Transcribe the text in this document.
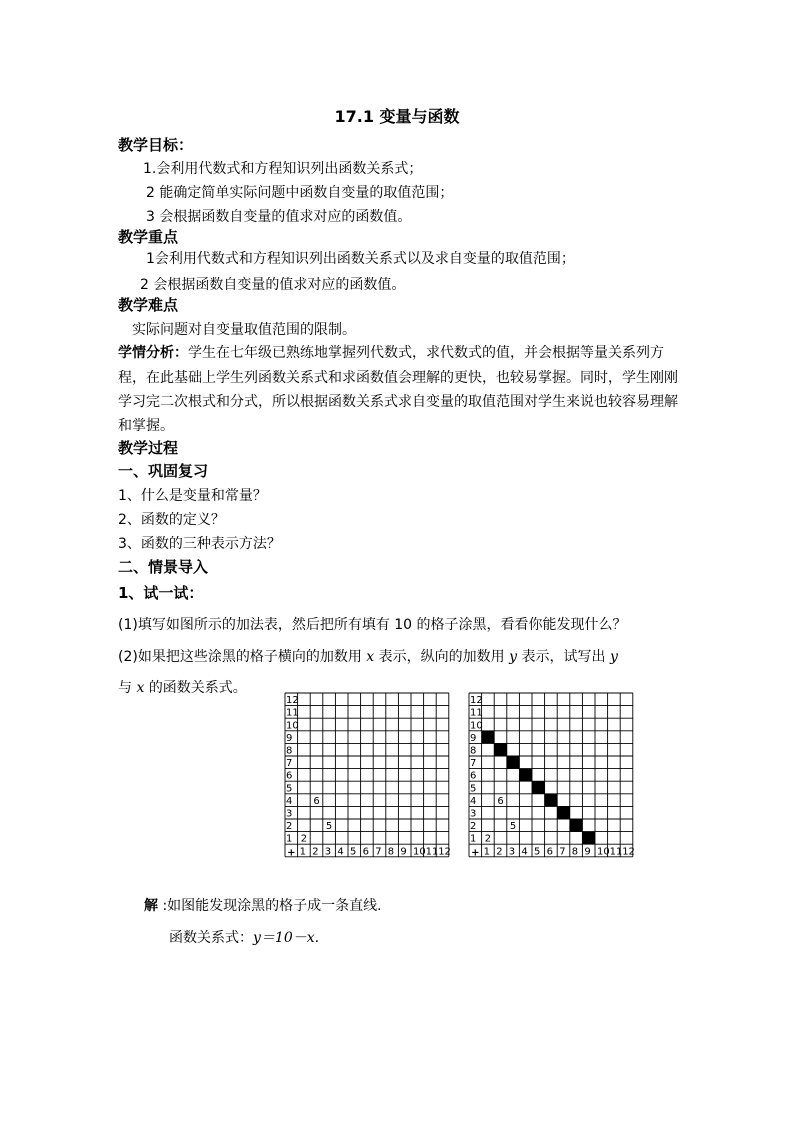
17.1 变量与函数
教学目标：
1.会利用代数式和方程知识列出函数关系式；
2 能确定简单实际问题中函数自变量的取值范围；
3 会根据函数自变量的值求对应的函数值。
教学重点
1会利用代数式和方程知识列出函数关系式以及求自变量的取值范围；
2 会根据函数自变量的值求对应的函数值。
教学难点
实际问题对自变量取值范围的限制。
学情分析：学生在七年级已熟练地掌握列代数式，求代数式的值，并会根据等量关系列方
程，在此基础上学生列函数关系式和求函数值会理解的更快，也较易掌握。同时，学生刚刚
学习完二次根式和分式，所以根据函数关系式求自变量的取值范围对学生来说也较容易理解
和掌握。
教学过程
一、巩固复习
1、什么是变量和常量？
2、函数的定义？
3、函数的三种表示方法？
二、情景导入
1、试一试：
(1)填写如图所示的加法表，然后把所有填有 10 的格子涂黑，看看你能发现什么？
(2)如果把这些涂黑的格子横向的加数用 x 表示，纵向的加数用 y 表示，试写出 y
与 x 的函数关系式。
+
1
1
2
2
3
3
4
4
5
5
6
6
7
7
8
8
9
9
10
10
11
11
12
12
2
5
6
+
1
1
2
2
3
3
4
4
5
5
6
6
7
7
8
8
9
9
10
10
11
11
12
12
2
5
6
解 :如图能发现涂黑的格子成一条直线.
函数关系式：y＝10－x.
